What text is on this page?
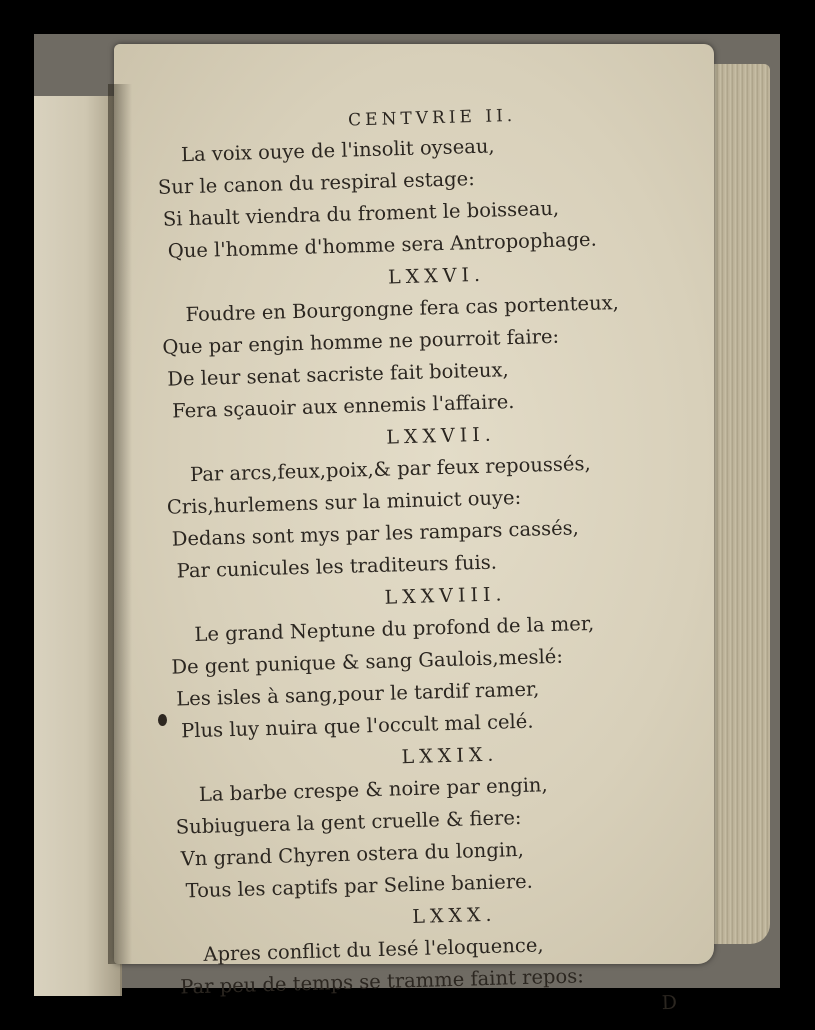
CENTVRIE II.
La voix ouye de l'insolit oyseau,
Sur le canon du respiral estage:
Si hault viendra du froment le boisseau,
Que l'homme d'homme sera Antropophage.
LXXVI.
Foudre en Bourgongne fera cas portenteux,
Que par engin homme ne pourroit faire:
De leur senat sacriste fait boiteux,
Fera sçauoir aux ennemis l'affaire.
LXXVII.
Par arcs,feux,poix,& par feux repoussés,
Cris,hurlemens sur la minuict ouye:
Dedans sont mys par les rampars cassés,
Par cunicules les traditeurs fuis.
LXXVIII.
Le grand Neptune du profond de la mer,
De gent punique & sang Gaulois,meslé:
Les isles à sang,pour le tardif ramer,
Plus luy nuira que l'occult mal celé.
LXXIX.
La barbe crespe & noire par engin,
Subiuguera la gent cruelle & fiere:
Vn grand Chyren ostera du longin,
Tous les captifs par Seline baniere.
LXXX.
Apres conflict du Iesé l'eloquence,
Par peu de temps se tramme faint repos:
D
